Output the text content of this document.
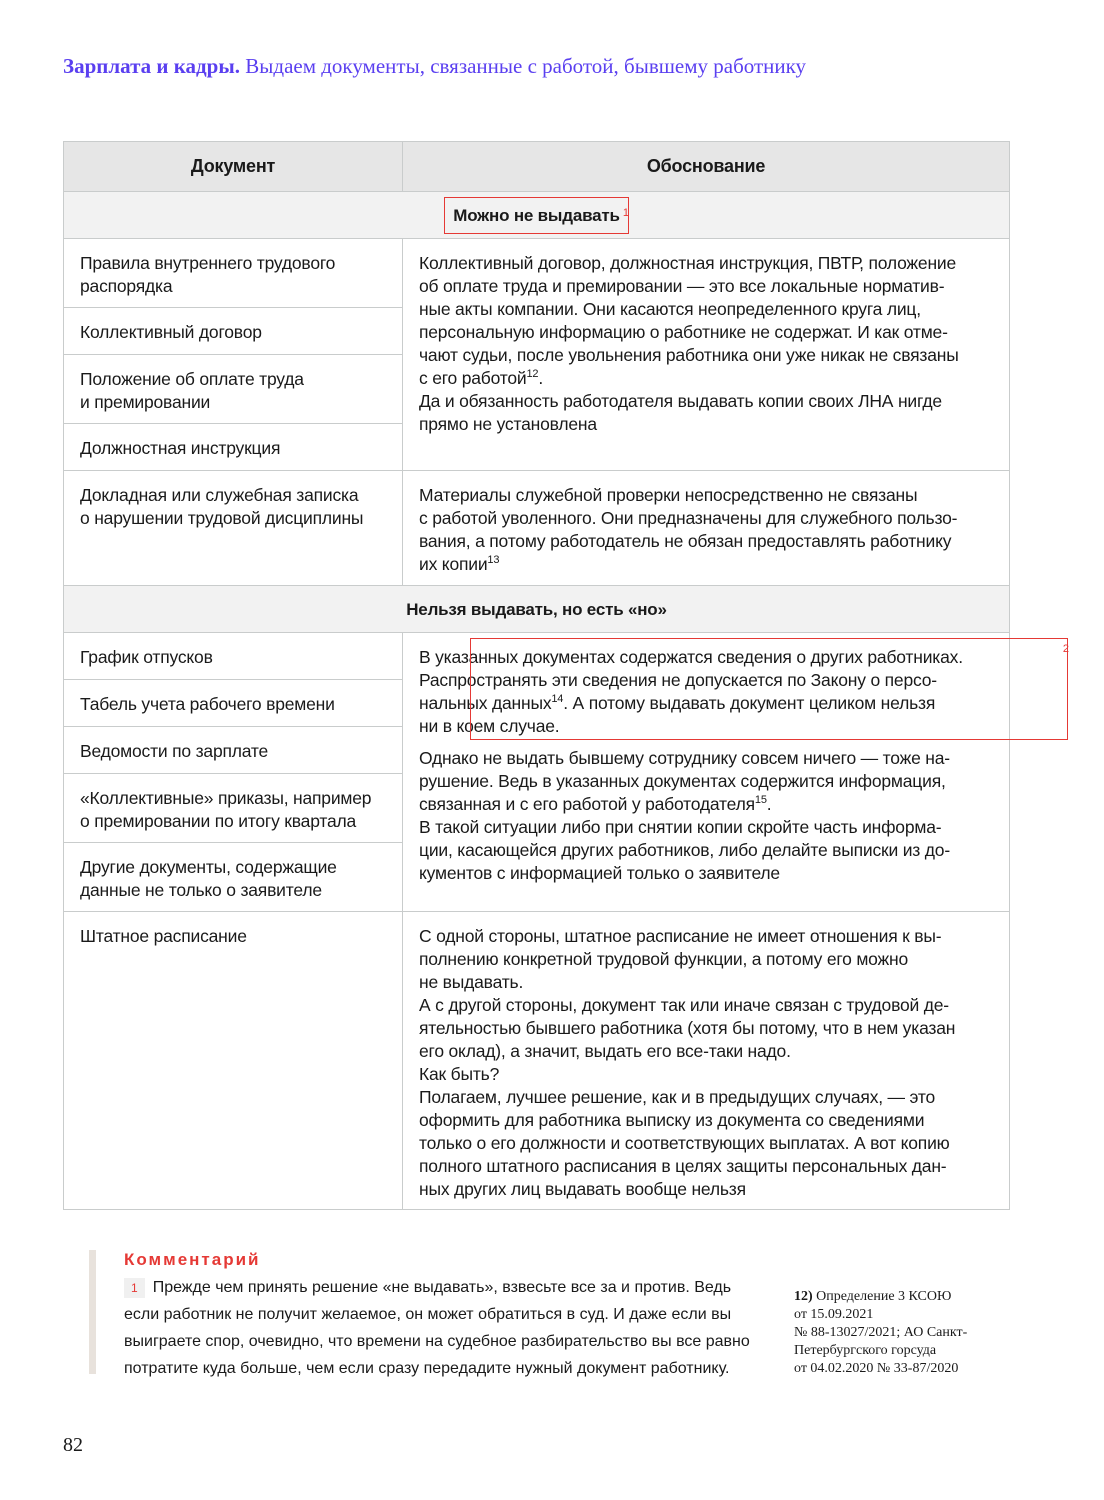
Зарплата и кадры. Выдаем документы, связанные с работой, бывшему работнику
Документ	Обоснование
Можно не выдавать 1
Правила внутреннего трудового
распорядка
Коллективный договор
Положение об оплате труда
и премировании
Должностная инструкция
Коллективный договор, должностная инструкция, ПВТР, положение
об оплате труда и премировании — это все локальные норматив-
ные акты компании. Они касаются неопределенного круга лиц,
персональную информацию о работнике не содержат. И как отме-
чают судьи, после увольнения работника они уже никак не связаны
с его работой$^{12}$.
Да и обязанность работодателя выдавать копии своих ЛНА нигде
прямо не установлена
Докладная или служебная записка
о нарушении трудовой дисциплины
Материалы служебной проверки непосредственно не связаны
с работой уволенного. Они предназначены для служебного пользо-
вания, а потому работодатель не обязан предоставлять работнику
их копии$^{13}$
Нельзя выдавать, но есть «но»
График отпусков
Табель учета рабочего времени
Ведомости по зарплате
«Коллективные» приказы, например
о премировании по итогу квартала
Другие документы, содержащие
данные не только о заявителе
В указанных документах содержатся сведения о других работниках.
Распространять эти сведения не допускается по Закону о персо-
нальных данных$^{14}$. А потому выдавать документ целиком нельзя
ни в коем случае.

Однако не выдать бывшему сотруднику совсем ничего — тоже на-
рушение. Ведь в указанных документах содержится информация,
связанная и с его работой у работодателя$^{15}$.
В такой ситуации либо при снятии копии скройте часть информа-
ции, касающейся других работников, либо делайте выписки из до-
кументов с информацией только о заявителе
2
Штатное расписание	С одной стороны, штатное расписание не имеет отношения к вы-
полнению конкретной трудовой функции, а потому его можно
не выдавать.
А с другой стороны, документ так или иначе связан с трудовой де-
ятельностью бывшего работника (хотя бы потому, что в нем указан
его оклад), а значит, выдать его все-таки надо.
Как быть?
Полагаем, лучшее решение, как и в предыдущих случаях, — это
оформить для работника выписку из документа со сведениями
только о его должности и соответствующих выплатах. А вот копию
полного штатного расписания в целях защиты персональных дан-
ных других лиц выдавать вообще нельзя
Комментарий
1 Прежде чем принять решение «не выдавать», взвесьте все за и против. Ведь если работник не получит желаемое, он может обратиться в суд. И даже если вы выиграете спор, очевидно, что времени на судебное разбирательство вы все равно потратите куда больше, чем если сразу передадите нужный документ работнику.
12) Определение 3 КСОЮ
от 15.09.2021
№ 88-13027/2021; АО Санкт-
Петербургского горсуда
от 04.02.2020 № 33-87/2020
82
